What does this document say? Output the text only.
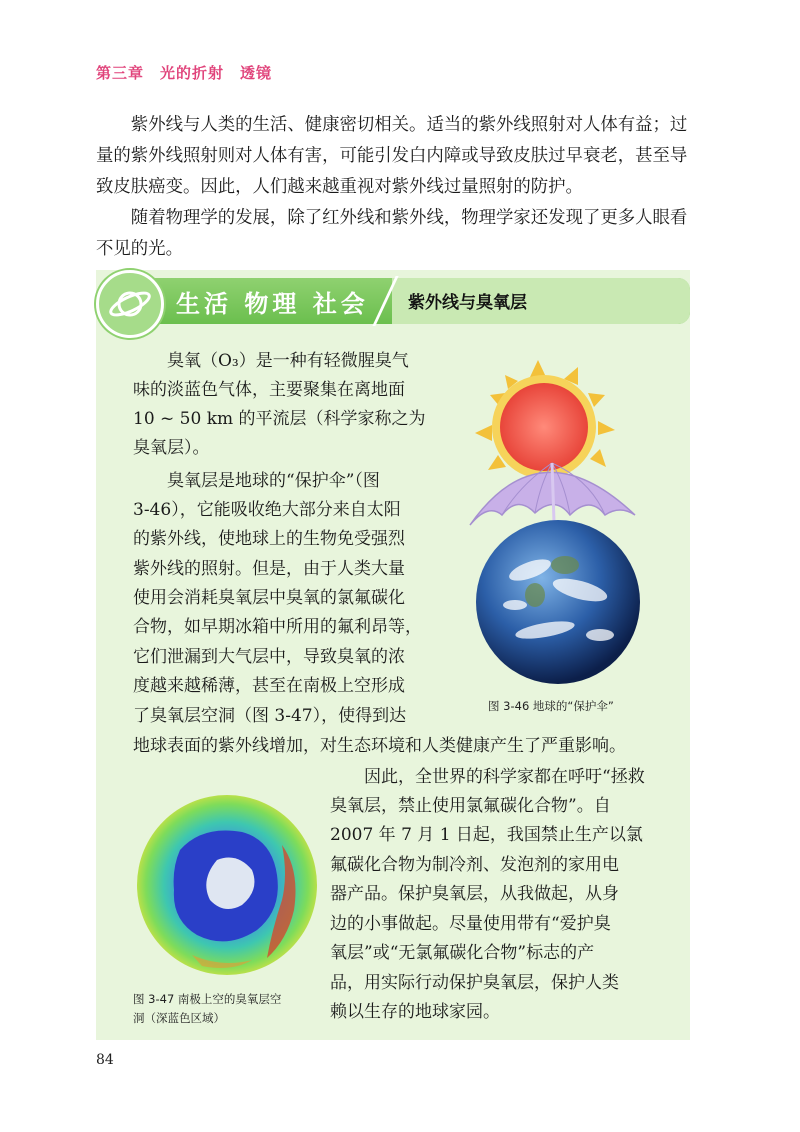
第三章　光的折射　透镜

紫外线与人类的生活、健康密切相关。适当的紫外线照射对人体有益；过量的紫外线照射则对人体有害，可能引发白内障或导致皮肤过早衰老，甚至导致皮肤癌变。因此，人们越来越重视对紫外线过量照射的防护。

随着物理学的发展，除了红外线和紫外线，物理学家还发现了更多人眼看不见的光。

生活 物理 社会 紫外线与臭氧层
臭氧（O₃）是一种有轻微腥臭气
味的淡蓝色气体，主要聚集在离地面
10 ~ 50 km 的平流层（科学家称之为
臭氧层）。
臭氧层是地球的“保护伞”（图
3-46），它能吸收绝大部分来自太阳
的紫外线，使地球上的生物免受强烈
紫外线的照射。但是，由于人类大量
使用会消耗臭氧层中臭氧的氯氟碳化
合物，如早期冰箱中所用的氟利昂等，
它们泄漏到大气层中，导致臭氧的浓
度越来越稀薄，甚至在南极上空形成
了臭氧层空洞（图 3-47），使得到达
地球表面的紫外线增加，对生态环境和人类健康产生了严重影响。
图 3-46 地球的“保护伞”
图 3-47 南极上空的臭氧层空
洞（深蓝色区域）
因此，全世界的科学家都在呼吁“拯救
臭氧层，禁止使用氯氟碳化合物”。自
2007 年 7 月 1 日起，我国禁止生产以氯
氟碳化合物为制冷剂、发泡剂的家用电
器产品。保护臭氧层，从我做起，从身
边的小事做起。尽量使用带有“爱护臭
氧层”或“无氯氟碳化合物”标志的产
品，用实际行动保护臭氧层，保护人类
赖以生存的地球家园。
84
